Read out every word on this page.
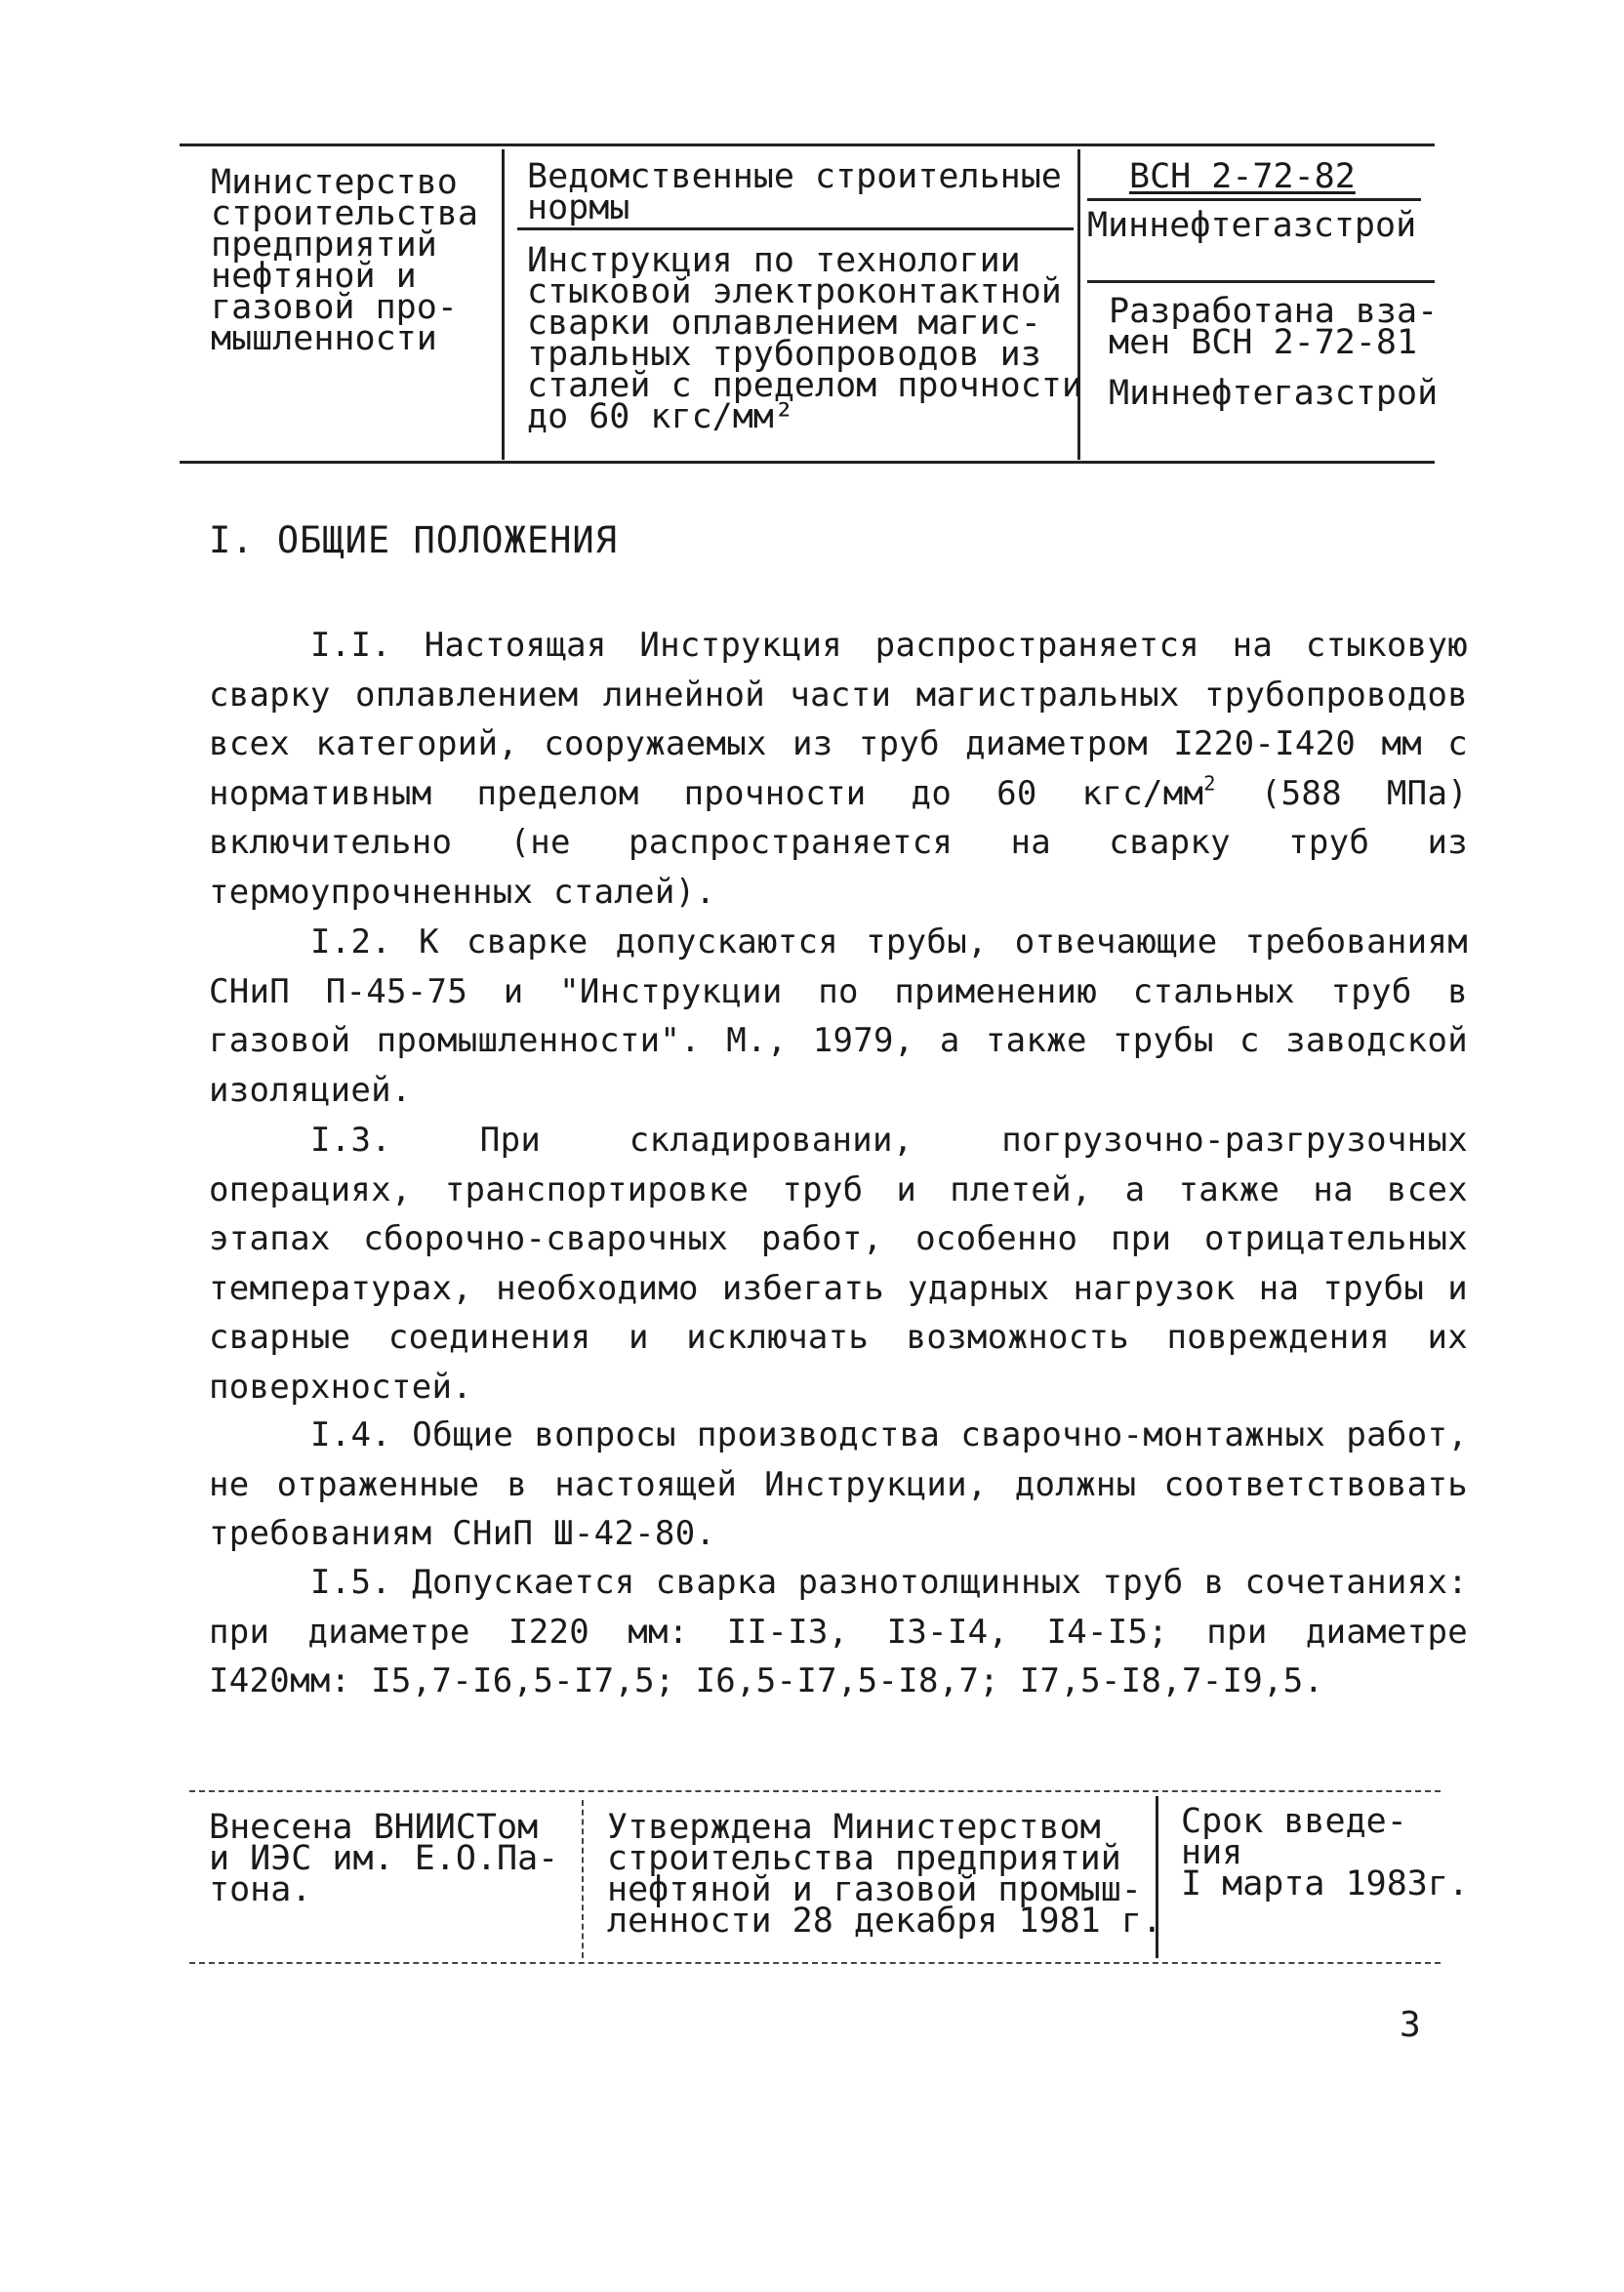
Министерство
строительства
предприятий
нефтяной и
газовой про-
мышленности
Ведомственные строительные
нормы
Инструкция по технологии
стыковой электроконтактной
сварки оплавлением магис-
тральных трубопроводов из
сталей с пределом прочности
до 60 кгс/мм²
ВСН 2-72-82
Миннефтегазстрой
Разработана вза-
мен ВСН 2-72-81
Миннефтегазстрой
I. ОБЩИЕ ПОЛОЖЕНИЯ
I.I. Настоящая Инструкция распространяется на стыковую сварку оплавлением линейной части магистральных трубопроводов всех категорий, сооружаемых из труб диаметром I220-I420 мм с нормативным пределом прочности до 60 кгс/$мм^2$ (588 МПа) включительно (не распространяется на сварку труб из термоупрочненных сталей).
I.2. К сварке допускаются трубы, отвечающие требованиям СНиП П-45-75 и "Инструкции по применению стальных труб в газовой промышленности". М., 1979, а также трубы с заводской изоляцией.
I.3.	При складировании, погрузочно-разгрузочных операциях, транспортировке труб и плетей, а также на всех этапах сборочно-сварочных работ, особенно при отрицательных температурах, необходимо избегать ударных нагрузок на трубы и сварные соединения и исключать возможность повреждения их поверхностей.
I.4. Общие вопросы производства сварочно-монтажных работ, не отраженные в настоящей Инструкции, должны соответствовать требованиям СНиП Ш-42-80.
I.5. Допускается сварка разнотолщинных труб в сочетаниях: при диаметре I220 мм: II-I3, I3-I4, I4-I5; при диаметре I420мм: I5,7-I6,5-I7,5; I6,5-I7,5-I8,7; I7,5-I8,7-I9,5.
Внесена ВНИИСТом
и ИЭС им. Е.О.Па-
тона.
Утверждена Министерством
строительства предприятий
нефтяной и газовой промыш-
ленности 28 декабря 1981 г.
Срок введе-
ния
I марта 1983г.
3
